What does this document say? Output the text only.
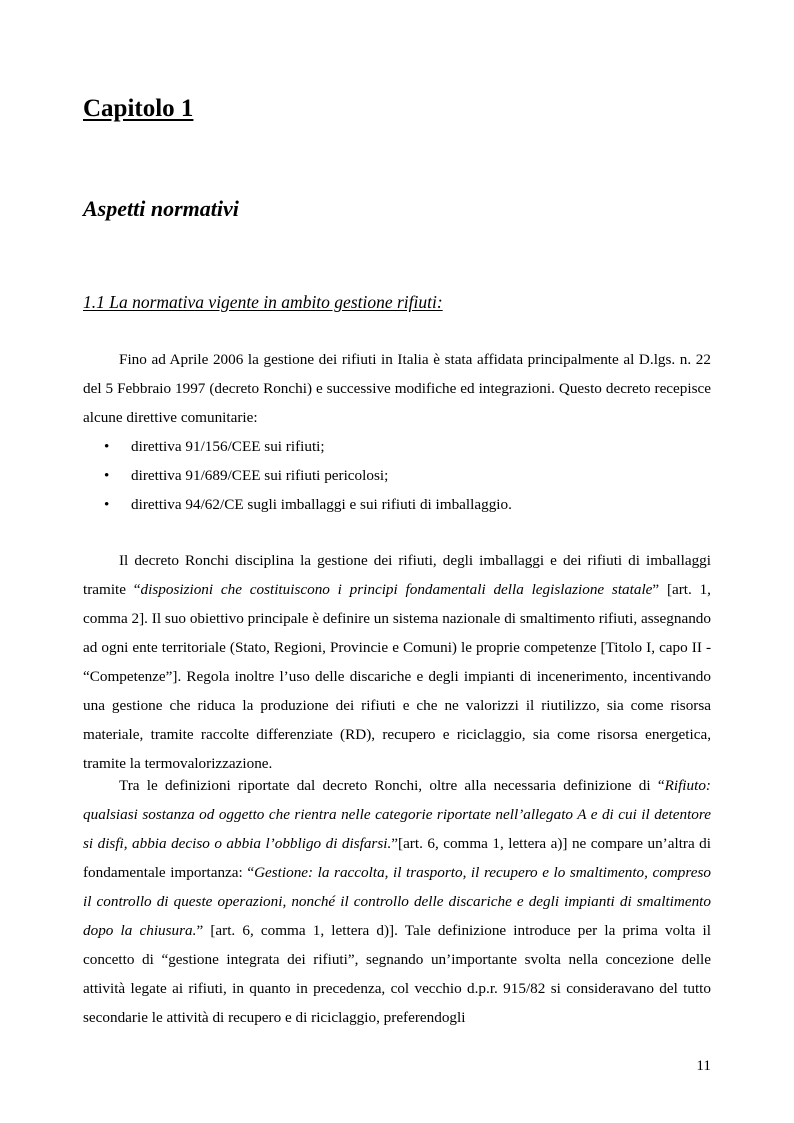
Capitolo 1
Aspetti normativi
1.1 La normativa vigente in ambito gestione rifiuti:

Fino ad Aprile 2006 la gestione dei rifiuti in Italia è stata affidata principalmente al D.lgs. n. 22 del 5 Febbraio 1997 (decreto Ronchi) e successive modifiche ed integrazioni. Questo decreto recepisce alcune direttive comunitarie:

• direttiva 91/156/CEE sui rifiuti;
• direttiva 91/689/CEE sui rifiuti pericolosi;
• direttiva 94/62/CE sugli imballaggi e sui rifiuti di imballaggio.

Il decreto Ronchi disciplina la gestione dei rifiuti, degli imballaggi e dei rifiuti di imballaggi tramite “disposizioni che costituiscono i principi fondamentali della legislazione statale” [art. 1, comma 2]. Il suo obiettivo principale è definire un sistema nazionale di smaltimento rifiuti, assegnando ad ogni ente territoriale (Stato, Regioni, Provincie e Comuni) le proprie competenze [Titolo I, capo II - “Competenze”]. Regola inoltre l’uso delle discariche e degli impianti di incenerimento, incentivando una gestione che riduca la produzione dei rifiuti e che ne valorizzi il riutilizzo, sia come risorsa materiale, tramite raccolte differenziate (RD), recupero e riciclaggio, sia come risorsa energetica, tramite la termovalorizzazione.

Tra le definizioni riportate dal decreto Ronchi, oltre alla necessaria definizione di “Rifiuto: qualsiasi sostanza od oggetto che rientra nelle categorie riportate nell’allegato A e di cui il detentore si disfi, abbia deciso o abbia l’obbligo di disfarsi.”[art. 6, comma 1, lettera a)] ne compare un’altra di fondamentale importanza: “Gestione: la raccolta, il trasporto, il recupero e lo smaltimento, compreso il controllo di queste operazioni, nonché il controllo delle discariche e degli impianti di smaltimento dopo la chiusura.” [art. 6, comma 1, lettera d)]. Tale definizione introduce per la prima volta il concetto di “gestione integrata dei rifiuti”, segnando un’importante svolta nella concezione delle attività legate ai rifiuti, in quanto in precedenza, col vecchio d.p.r. 915/82 si consideravano del tutto secondarie le attività di recupero e di riciclaggio, preferendogli

11
